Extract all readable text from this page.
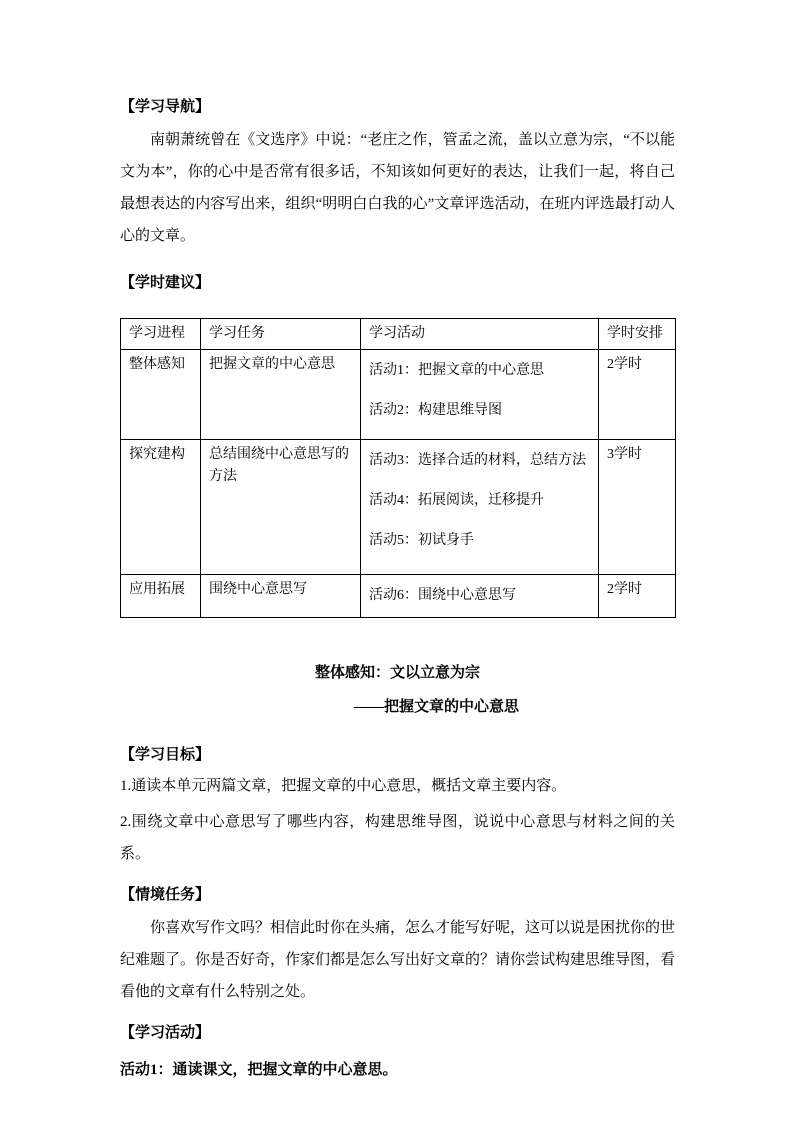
【学习导航】

南朝萧统曾在《文选序》中说：“老庄之作，管孟之流，盖以立意为宗，“不以能文为本”，你的心中是否常有很多话，不知该如何更好的表达，让我们一起，将自己最想表达的内容写出来，组织“明明白白我的心”文章评选活动，在班内评选最打动人心的文章。

【学时建议】
学习进程	学习任务	学习活动	学时安排
整体感知	把握文章的中心意思	活动1：把握文章的中心意思

活动2：构建思维导图	2学时
探究建构	总结围绕中心意思写的方法	活动3：选择合适的材料，总结方法

活动4：拓展阅读，迁移提升

活动5：初试身手	3学时
应用拓展	围绕中心意思写	活动6：围绕中心意思写	2学时
整体感知：文以立意为宗
——把握文章的中心意思
【学习目标】

1.通读本单元两篇文章，把握文章的中心意思，概括文章主要内容。

2.围绕文章中心意思写了哪些内容，构建思维导图，说说中心意思与材料之间的关系。

【情境任务】

你喜欢写作文吗？相信此时你在头痛，怎么才能写好呢，这可以说是困扰你的世纪难题了。你是否好奇，作家们都是怎么写出好文章的？请你尝试构建思维导图，看看他的文章有什么特别之处。

【学习活动】

活动1：通读课文，把握文章的中心意思。
